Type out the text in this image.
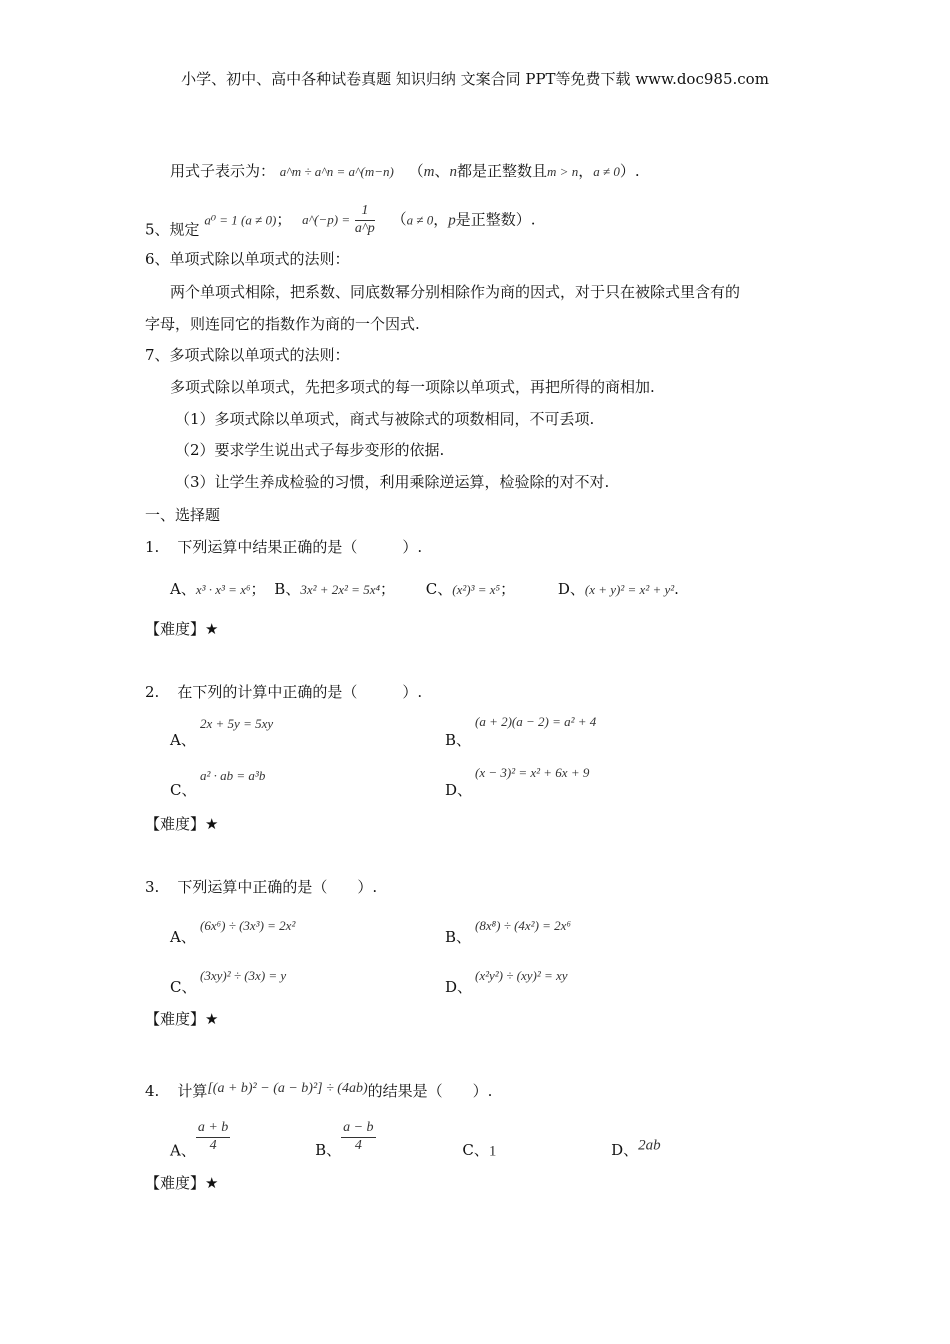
小学、初中、高中各种试卷真题 知识归纳 文案合同 PPT等免费下载 www.doc985.com
用式子表示为： a^m ÷ a^n = a^(m−n) （m、n都是正整数且m > n，a ≠ 0）.
5、规定 a⁰ = 1 (a ≠ 0)； a^(−p) = $\frac{1}{a\^{}p} (a \ne 0$，p是正整数）.
6、单项式除以单项式的法则：
两个单项式相除，把系数、同底数幂分别相除作为商的因式，对于只在被除式里含有的
字母，则连同它的指数作为商的一个因式.
7、多项式除以单项式的法则：
多项式除以单项式，先把多项式的每一项除以单项式，再把所得的商相加.
（1）多项式除以单项式，商式与被除式的项数相同，不可丢项.
（2）要求学生说出式子每步变形的依据.
（3）让学生养成检验的习惯，利用乘除逆运算，检验除的对不对.
一、选择题
1. 下列运算中结果正确的是（　　　）.
A、x³ · x³ = x⁶； B、3x² + 2x² = 5x⁴； C、(x²)³ = x⁵；	D、(x + y)² = x² + y².
【难度】★
2. 在下列的计算中正确的是（　　　）.
2x + 5y = 5xy
A、
(a + 2)(a − 2) = a² + 4
B、
a² · ab = a³b
C、
(x − 3)² = x² + 6x + 9
D、
【难度】★
3. 下列运算中正确的是（　　）.
(6x⁶) ÷ (3x³) = 2x²
A、
(8x⁸) ÷ (4x²) = 2x⁶
B、
(3xy)² ÷ (3x) = y
C、
(x²y²) ÷ (xy)² = xy
D、
【难度】★
4. 计算[(a + b)² − (a − b)²] ÷ (4ab)的结果是（　　）.
A、 $\frac{a + b}{4}$	B、 $\frac{a - b}{4}$	C、1	D、2ab
【难度】★
